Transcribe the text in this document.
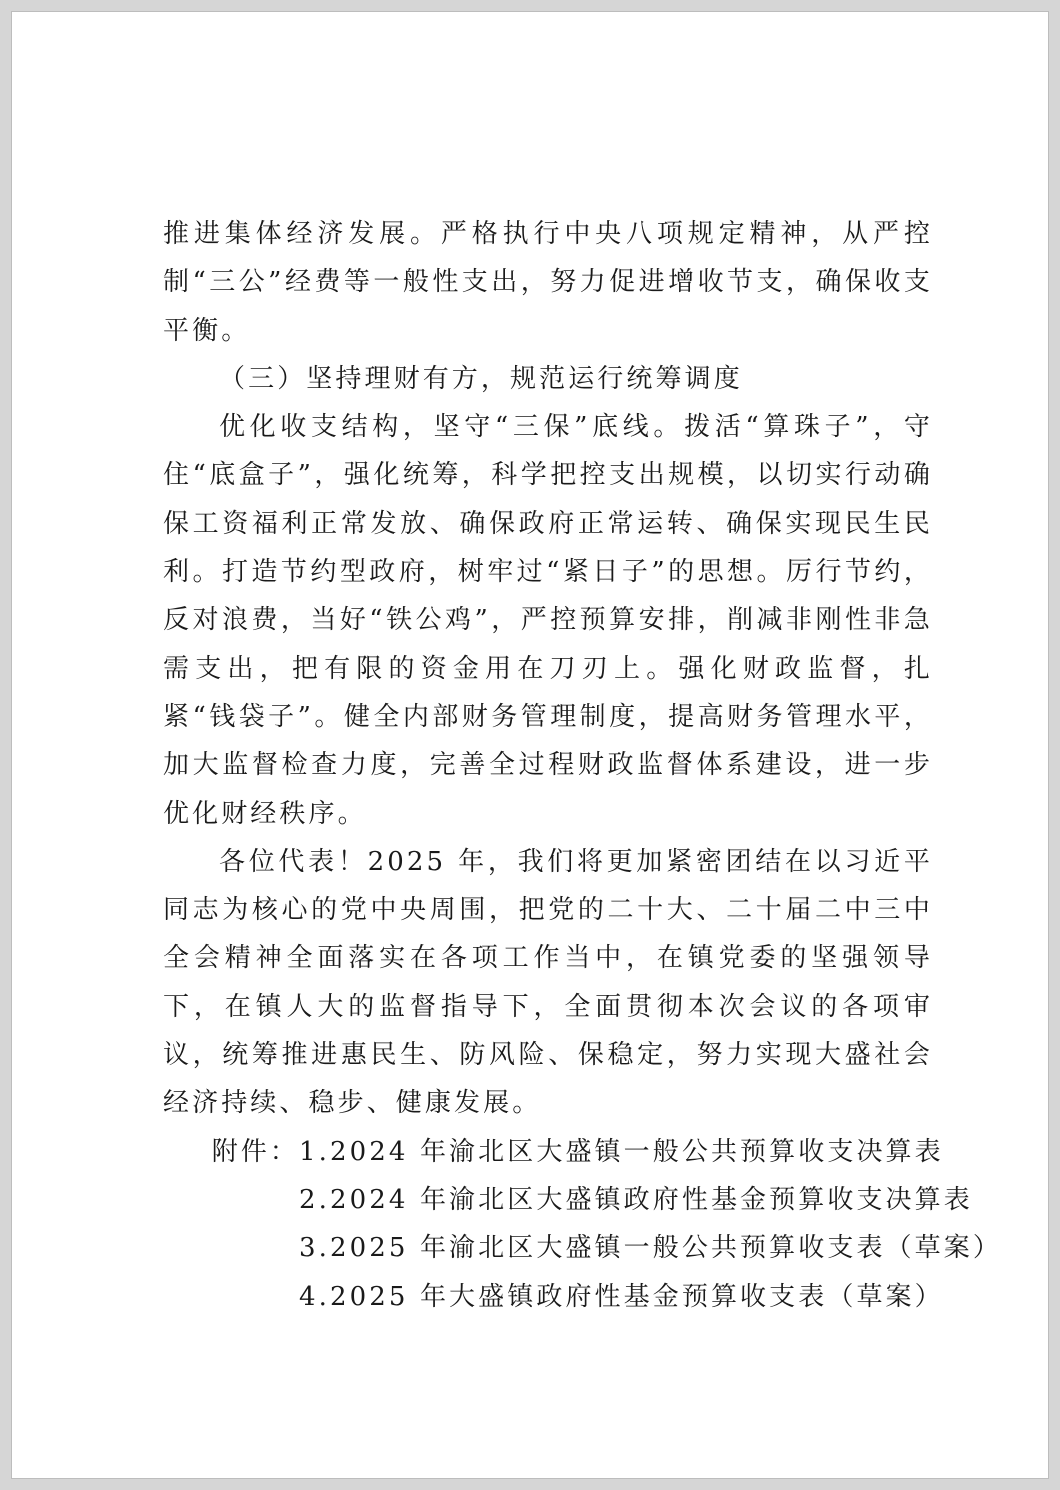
推进集体经济发展。严格执行中央八项规定精神，从严控制“三公”经费等一般性支出，努力促进增收节支，确保收支平衡。

（三）坚持理财有方，规范运行统筹调度

优化收支结构，坚守“三保”底线。拨活“算珠子”，守住“底盒子”，强化统筹，科学把控支出规模，以切实行动确保工资福利正常发放、确保政府正常运转、确保实现民生民利。打造节约型政府，树牢过“紧日子”的思想。厉行节约，反对浪费，当好“铁公鸡”，严控预算安排，削减非刚性非急需支出，把有限的资金用在刀刃上。强化财政监督，扎紧“钱袋子”。健全内部财务管理制度，提高财务管理水平，加大监督检查力度，完善全过程财政监督体系建设，进一步优化财经秩序。

各位代表！2025 年，我们将更加紧密团结在以习近平同志为核心的党中央周围，把党的二十大、二十届二中三中全会精神全面落实在各项工作当中，在镇党委的坚强领导下，在镇人大的监督指导下，全面贯彻本次会议的各项审议，统筹推进惠民生、防风险、保稳定，努力实现大盛社会经济持续、稳步、健康发展。

附件： 1.2024 年渝北区大盛镇一般公共预算收支决算表
2.2024 年渝北区大盛镇政府性基金预算收支决算表
3.2025 年渝北区大盛镇一般公共预算收支表（草案）
4.2025 年大盛镇政府性基金预算收支表（草案）
